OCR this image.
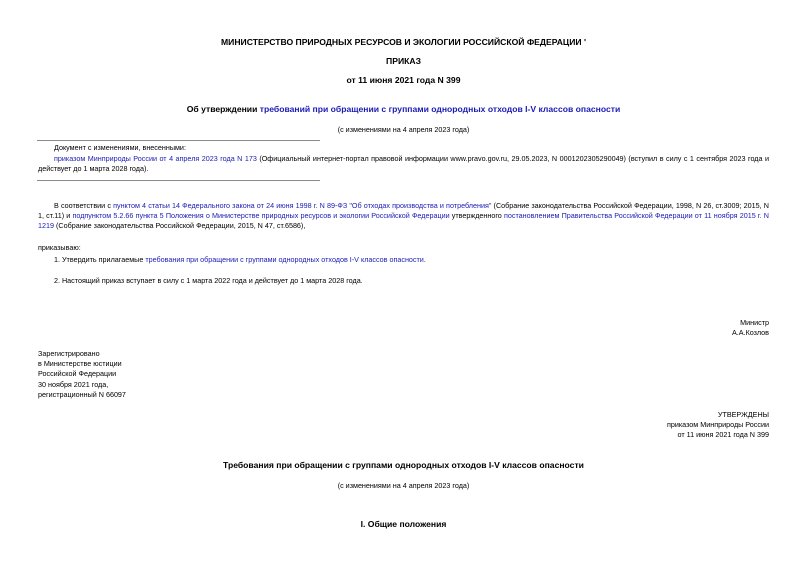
МИНИСТЕРСТВО ПРИРОДНЫХ РЕСУРСОВ И ЭКОЛОГИИ РОССИЙСКОЙ ФЕДЕРАЦИИ '
ПРИКАЗ
от 11 июня 2021 года N 399
Об утверждении требований при обращении с группами однородных отходов I-V классов опасности
(с изменениями на 4 апреля 2023 года)
Документ с изменениями, внесенными:
приказом Минприроды России от 4 апреля 2023 года N 173 (Официальный интернет-портал правовой информации www.pravo.gov.ru, 29.05.2023, N 0001202305290049) (вступил в силу с 1 сентября 2023 года и действует до 1 марта 2028 года).
В соответствии с пунктом 4 статьи 14 Федерального закона от 24 июня 1998 г. N 89-ФЗ "Об отходах производства и потребления" (Собрание законодательства Российской Федерации, 1998, N 26, ст.3009; 2015, N 1, ст.11) и подпунктом 5.2.66 пункта 5 Положения о Министерстве природных ресурсов и экологии Российской Федерации утвержденного постановлением Правительства Российской Федерации от 11 ноября 2015 г. N 1219 (Собрание законодательства Российской Федерации, 2015, N 47, ст.6586),
приказываю:
1. Утвердить прилагаемые требования при обращении с группами однородных отходов I-V классов опасности.
2. Настоящий приказ вступает в силу с 1 марта 2022 года и действует до 1 марта 2028 года.
Министр
А.А.Козлов
Зарегистрировано
в Министерстве юстиции
Российской Федерации
30 ноября 2021 года,
регистрационный N 66097
УТВЕРЖДЕНЫ
приказом Минприроды России
от 11 июня 2021 года N 399
Требования при обращении с группами однородных отходов I-V классов опасности
(с изменениями на 4 апреля 2023 года)
I. Общие положения
